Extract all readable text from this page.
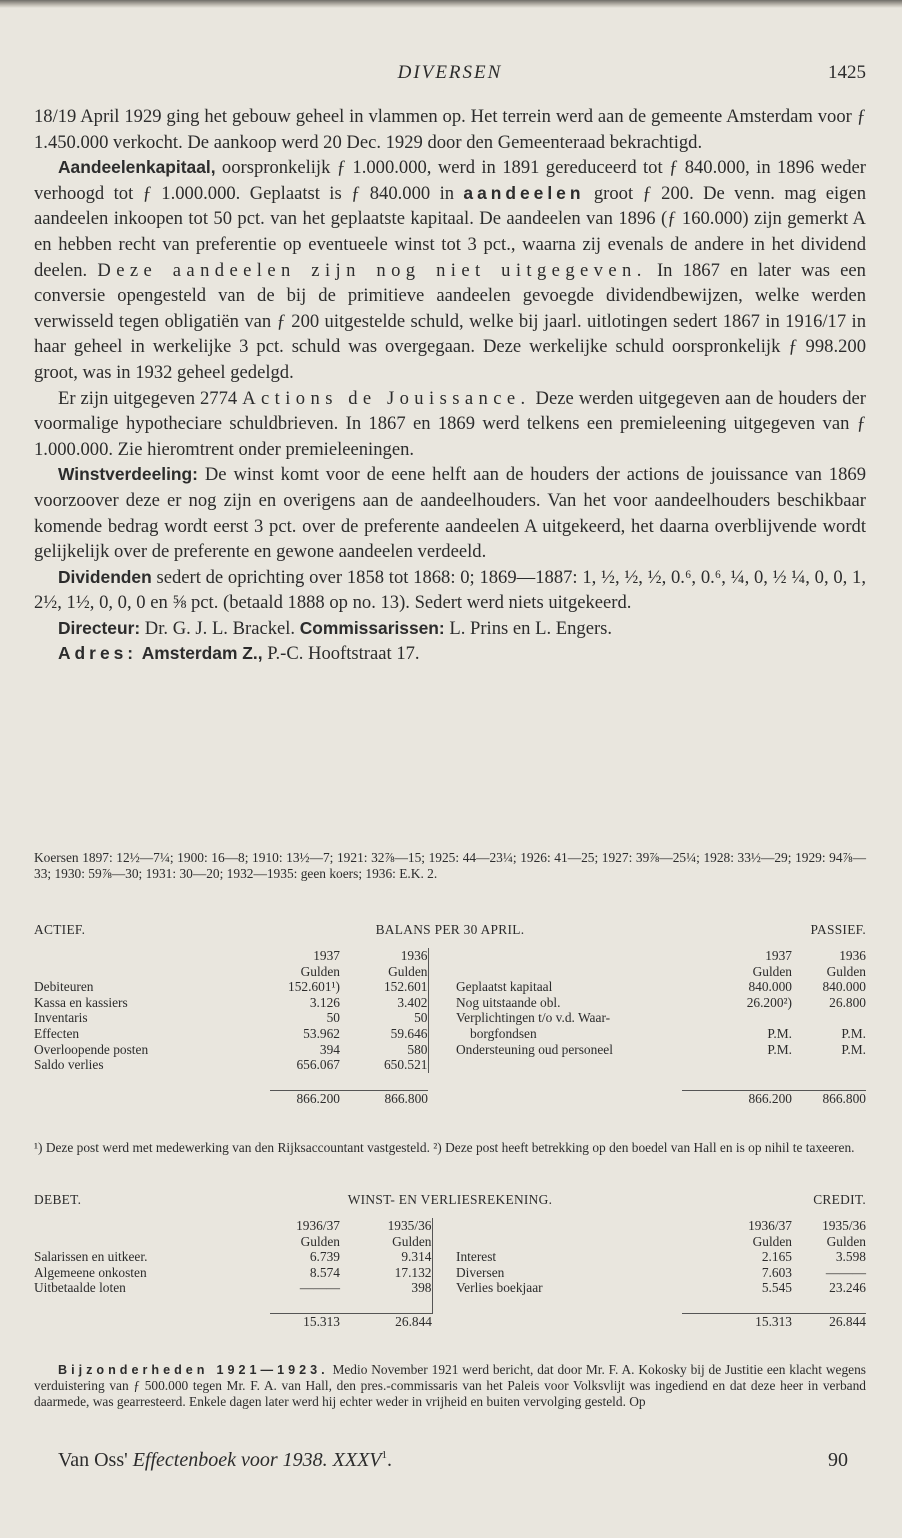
DIVERSEN	1425

18/19 April 1929 ging het gebouw geheel in vlammen op. Het terrein werd aan de gemeente Amsterdam voor ƒ 1.450.000 verkocht. De aankoop werd 20 Dec. 1929 door den Gemeenteraad bekrachtigd.

Aandeelenkapitaal, oorspronkelijk ƒ 1.000.000, werd in 1891 gereduceerd tot ƒ 840.000, in 1896 weder verhoogd tot ƒ 1.000.000. Geplaatst is ƒ 840.000 in aandeelen groot ƒ 200. De venn. mag eigen aandeelen inkoopen tot 50 pct. van het geplaatste kapitaal. De aandeelen van 1896 (ƒ 160.000) zijn gemerkt A en hebben recht van preferentie op eventueele winst tot 3 pct., waarna zij evenals de andere in het dividend deelen. Deze aandeelen zijn nog niet uitgegeven. In 1867 en later was een conversie opengesteld van de bij de primitieve aandeelen gevoegde dividendbewijzen, welke werden verwisseld tegen obligatiën van ƒ 200 uitgestelde schuld, welke bij jaarl. uitlotingen sedert 1867 in 1916/17 in haar geheel in werkelijke 3 pct. schuld was overgegaan. Deze werkelijke schuld oorspronkelijk ƒ 998.200 groot, was in 1932 geheel gedelgd.

Er zijn uitgegeven 2774 Actions de Jouissance. Deze werden uitgegeven aan de houders der voormalige hypotheciare schuldbrieven. In 1867 en 1869 werd telkens een premieleening uitgegeven van ƒ 1.000.000. Zie hieromtrent onder premieleeningen.

Winstverdeeling: De winst komt voor de eene helft aan de houders der actions de jouissance van 1869 voorzoover deze er nog zijn en overigens aan de aandeelhouders. Van het voor aandeelhouders beschikbaar komende bedrag wordt eerst 3 pct. over de preferente aandeelen A uitgekeerd, het daarna overblijvende wordt gelijkelijk over de preferente en gewone aandeelen verdeeld.

Dividenden sedert de oprichting over 1858 tot 1868: 0; 1869—1887: 1, ½, ½, ½, 0.⁶, 0.⁶, ¼, 0, ½ ¼, 0, 0, 1, 2½, 1½, 0, 0, 0 en ⅝ pct. (betaald 1888 op no. 13). Sedert werd niets uitgekeerd.

Directeur: Dr. G. J. L. Brackel. Commissarissen: L. Prins en L. Engers.

Adres: Amsterdam Z., P.-C. Hooftstraat 17.

Koersen 1897: 12½—7¼; 1900: 16—8; 1910: 13½—7; 1921: 32⅞—15; 1925: 44—23¼; 1926: 41—25; 1927: 39⅞—25¼; 1928: 33½—29; 1929: 94⅞—33; 1930: 59⅞—30; 1931: 30—20; 1932—1935: geen koers; 1936: E.K. 2.

ACTIEF.	BALANS PER 30 APRIL.	PASSIEF.
	1937	1936			1937	1936
	Gulden	Gulden			Gulden	Gulden
Debiteuren	152.601¹)	152.601		Geplaatst kapitaal	840.000	840.000
Kassa en kassiers	3.126	3.402		Nog uitstaande obl.	26.200²)	26.800
Inventaris	50	50		Verplichtingen t/o v.d. Waar-		
Effecten	53.962	59.646		borgfondsen	P.M.	P.M.
Overloopende posten	394	580		Ondersteuning oud personeel	P.M.	P.M.
Saldo verlies	656.067	650.521				

	866.200	866.800			866.200	866.800

¹) Deze post werd met medewerking van den Rijksaccountant vastgesteld. ²) Deze post heeft betrekking op den boedel van Hall en is op nihil te taxeeren.

DEBET.	WINST- EN VERLIESREKENING.	CREDIT.
	1936/37	1935/36			1936/37	1935/36
	Gulden	Gulden			Gulden	Gulden
Salarissen en uitkeer.	6.739	9.314		Interest	2.165	3.598
Algemeene onkosten	8.574	17.132		Diversen	7.603	———
Uitbetaalde loten	———	398		Verlies boekjaar	5.545	23.246

	15.313	26.844			15.313	26.844

Bijzonderheden 1921—1923. Medio November 1921 werd bericht, dat door Mr. F. A. Kokosky bij de Justitie een klacht wegens verduistering van ƒ 500.000 tegen Mr. F. A. van Hall, den pres.-commissaris van het Paleis voor Volksvlijt was ingediend en dat deze heer in verband daarmede, was gearresteerd. Enkele dagen later werd hij echter weder in vrijheid en buiten vervolging gesteld. Op

Van Oss' Effectenboek voor 1938. XXXV$^1$.	90
